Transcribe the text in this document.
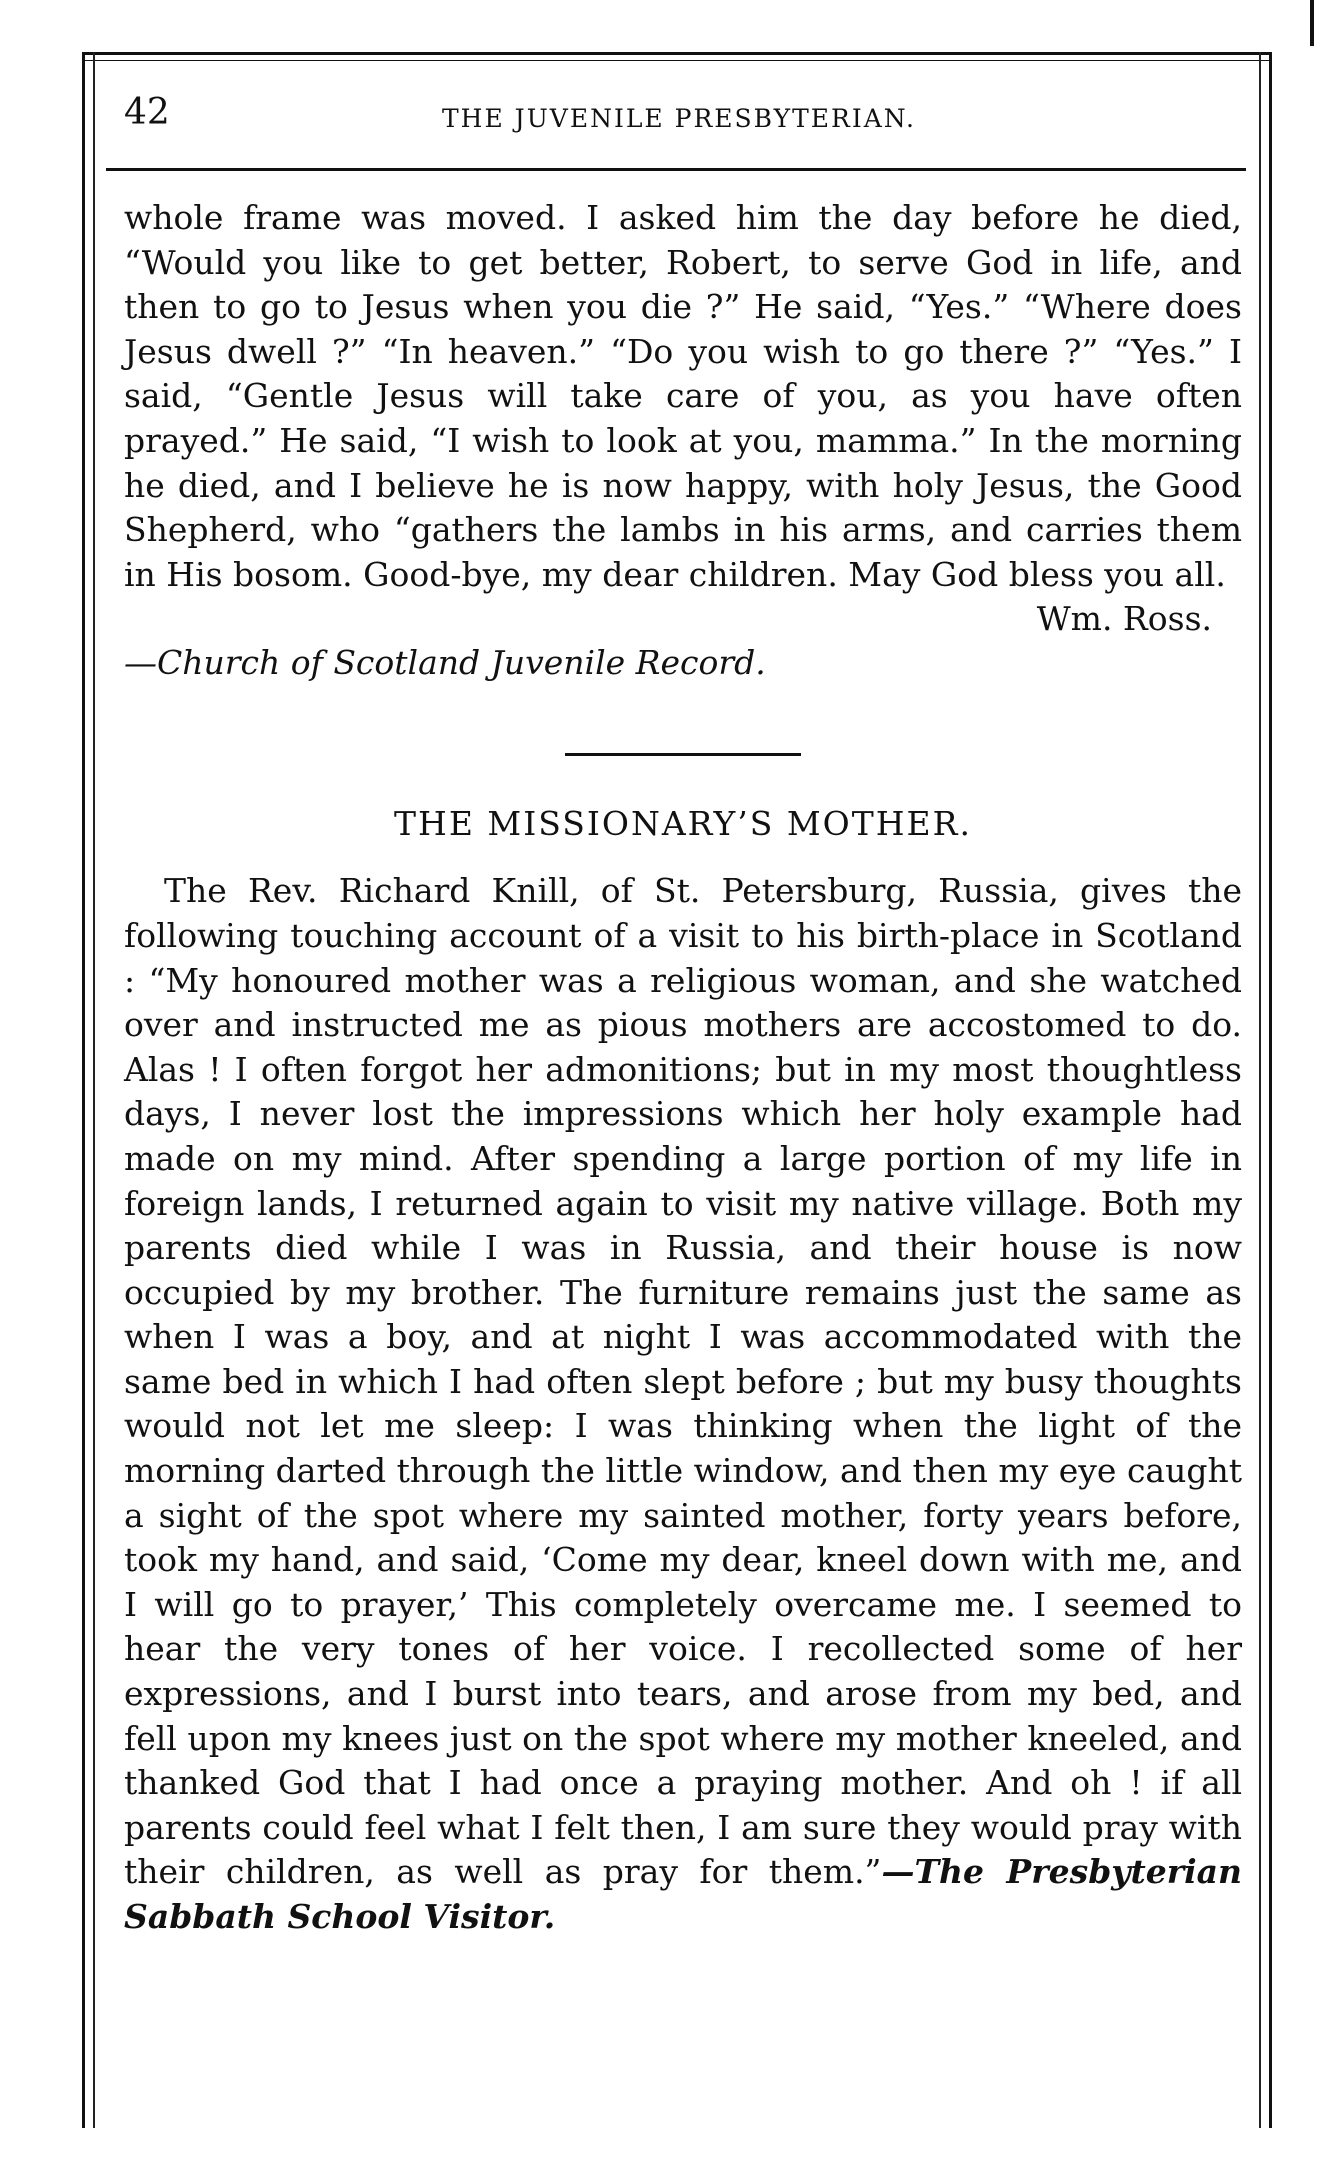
42	THE JUVENILE PRESBYTERIAN.

whole frame was moved. I asked him the day before he died, “Would you like to get better, Robert, to serve God in life, and then to go to Jesus when you die ?” He said, “Yes.” “Where does Jesus dwell ?” “In heaven.” “Do you wish to go there ?” “Yes.” I said, “Gentle Jesus will take care of you, as you have often prayed.” He said, “I wish to look at you, mamma.” In the morning he died, and I believe he is now happy, with holy Jesus, the Good Shepherd, who “gathers the lambs in his arms, and carries them in His bosom. Good-bye, my dear children. May God bless you all.

Wm. Ross.
—Church of Scotland Juvenile Record.
THE MISSIONARY’S MOTHER.

The Rev. Richard Knill, of St. Petersburg, Russia, gives the following touching account of a visit to his birth-place in Scotland : “My honoured mother was a religious woman, and she watched over and instructed me as pious mothers are accostomed to do. Alas ! I often forgot her admonitions; but in my most thoughtless days, I never lost the impressions which her holy example had made on my mind. After spending a large portion of my life in foreign lands, I returned again to visit my native village. Both my parents died while I was in Russia, and their house is now occupied by my brother. The furniture remains just the same as when I was a boy, and at night I was accommodated with the same bed in which I had often slept before ; but my busy thoughts would not let me sleep: I was thinking when the light of the morning darted through the little window, and then my eye caught a sight of the spot where my sainted mother, forty years before, took my hand, and said, ‘Come my dear, kneel down with me, and I will go to prayer,’ This completely overcame me. I seemed to hear the very tones of her voice. I recollected some of her expressions, and I burst into tears, and arose from my bed, and fell upon my knees just on the spot where my mother kneeled, and thanked God that I had once a praying mother. And oh ! if all parents could feel what I felt then, I am sure they would pray with their children, as well as pray for them.”—The Presbyterian Sabbath School Visitor.
